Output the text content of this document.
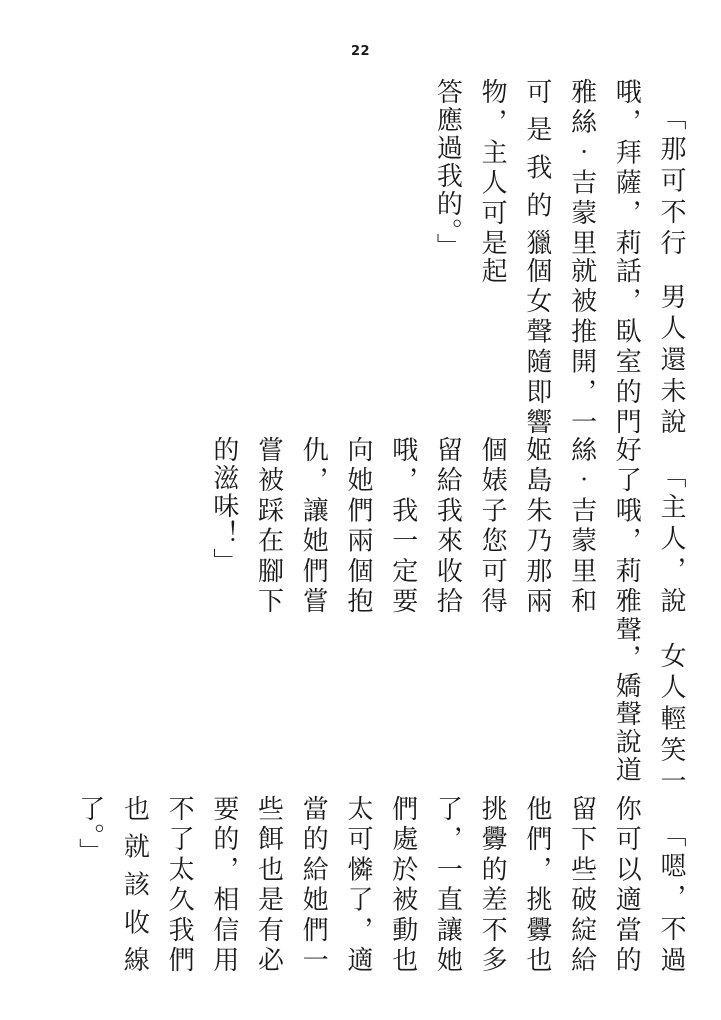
22
「嗯，不過你可以適當的留下些破綻給他們，挑釁也挑釁的差不多了，一直讓她們處於被動也太可憐了，適當的給她們一些餌也是有必要的，相信用不了太久我們也就該收線了。」
女人輕笑一聲，嬌聲說道
「主人，說好了哦，莉雅絲‧吉蒙里和姬島朱乃那兩個婊子您可得留給我來收拾哦，我一定要向她們兩個抱仇，讓她們嘗嘗被踩在腳下的滋味！」
男人還未說話，臥室的門就被推開，一個女聲隨即響起
「那可不行哦，拜薩，莉雅絲‧吉蒙里可是我的獵物，主人可是答應過我的。」
